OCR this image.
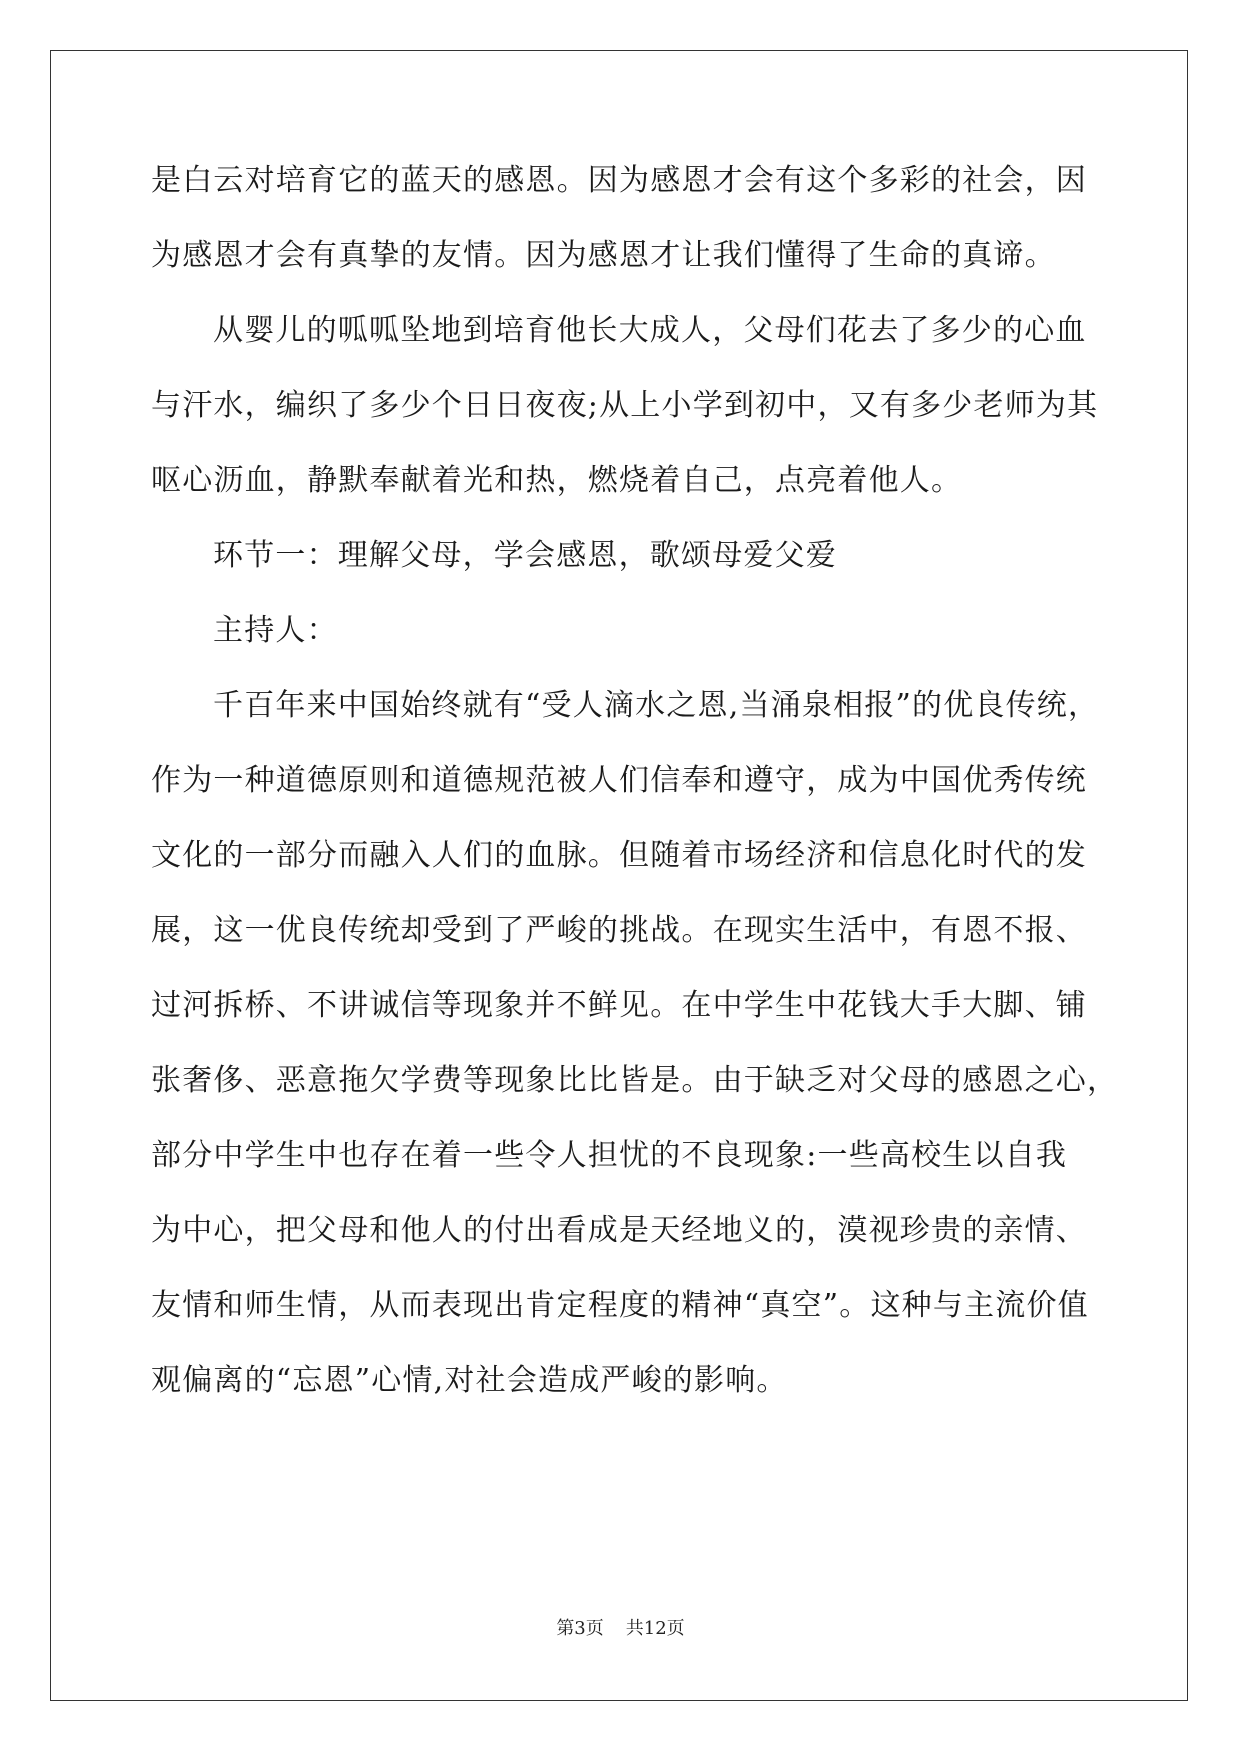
是白云对培育它的蓝天的感恩。因为感恩才会有这个多彩的社会，因
为感恩才会有真挚的友情。因为感恩才让我们懂得了生命的真谛。
从婴儿的呱呱坠地到培育他长大成人，父母们花去了多少的心血
与汗水，编织了多少个日日夜夜;从上小学到初中，又有多少老师为其
呕心沥血，静默奉献着光和热，燃烧着自己，点亮着他人。
环节一：理解父母，学会感恩，歌颂母爱父爱
主持人：
千百年来中国始终就有“受人滴水之恩,当涌泉相报”的优良传统，
作为一种道德原则和道德规范被人们信奉和遵守，成为中国优秀传统
文化的一部分而融入人们的血脉。但随着市场经济和信息化时代的发
展，这一优良传统却受到了严峻的挑战。在现实生活中，有恩不报、
过河拆桥、不讲诚信等现象并不鲜见。在中学生中花钱大手大脚、铺
张奢侈、恶意拖欠学费等现象比比皆是。由于缺乏对父母的感恩之心，
部分中学生中也存在着一些令人担忧的不良现象:一些高校生以自我
为中心，把父母和他人的付出看成是天经地义的，漠视珍贵的亲情、
友情和师生情，从而表现出肯定程度的精神“真空”。这种与主流价值
观偏离的“忘恩”心情,对社会造成严峻的影响。
第3页 共12页
